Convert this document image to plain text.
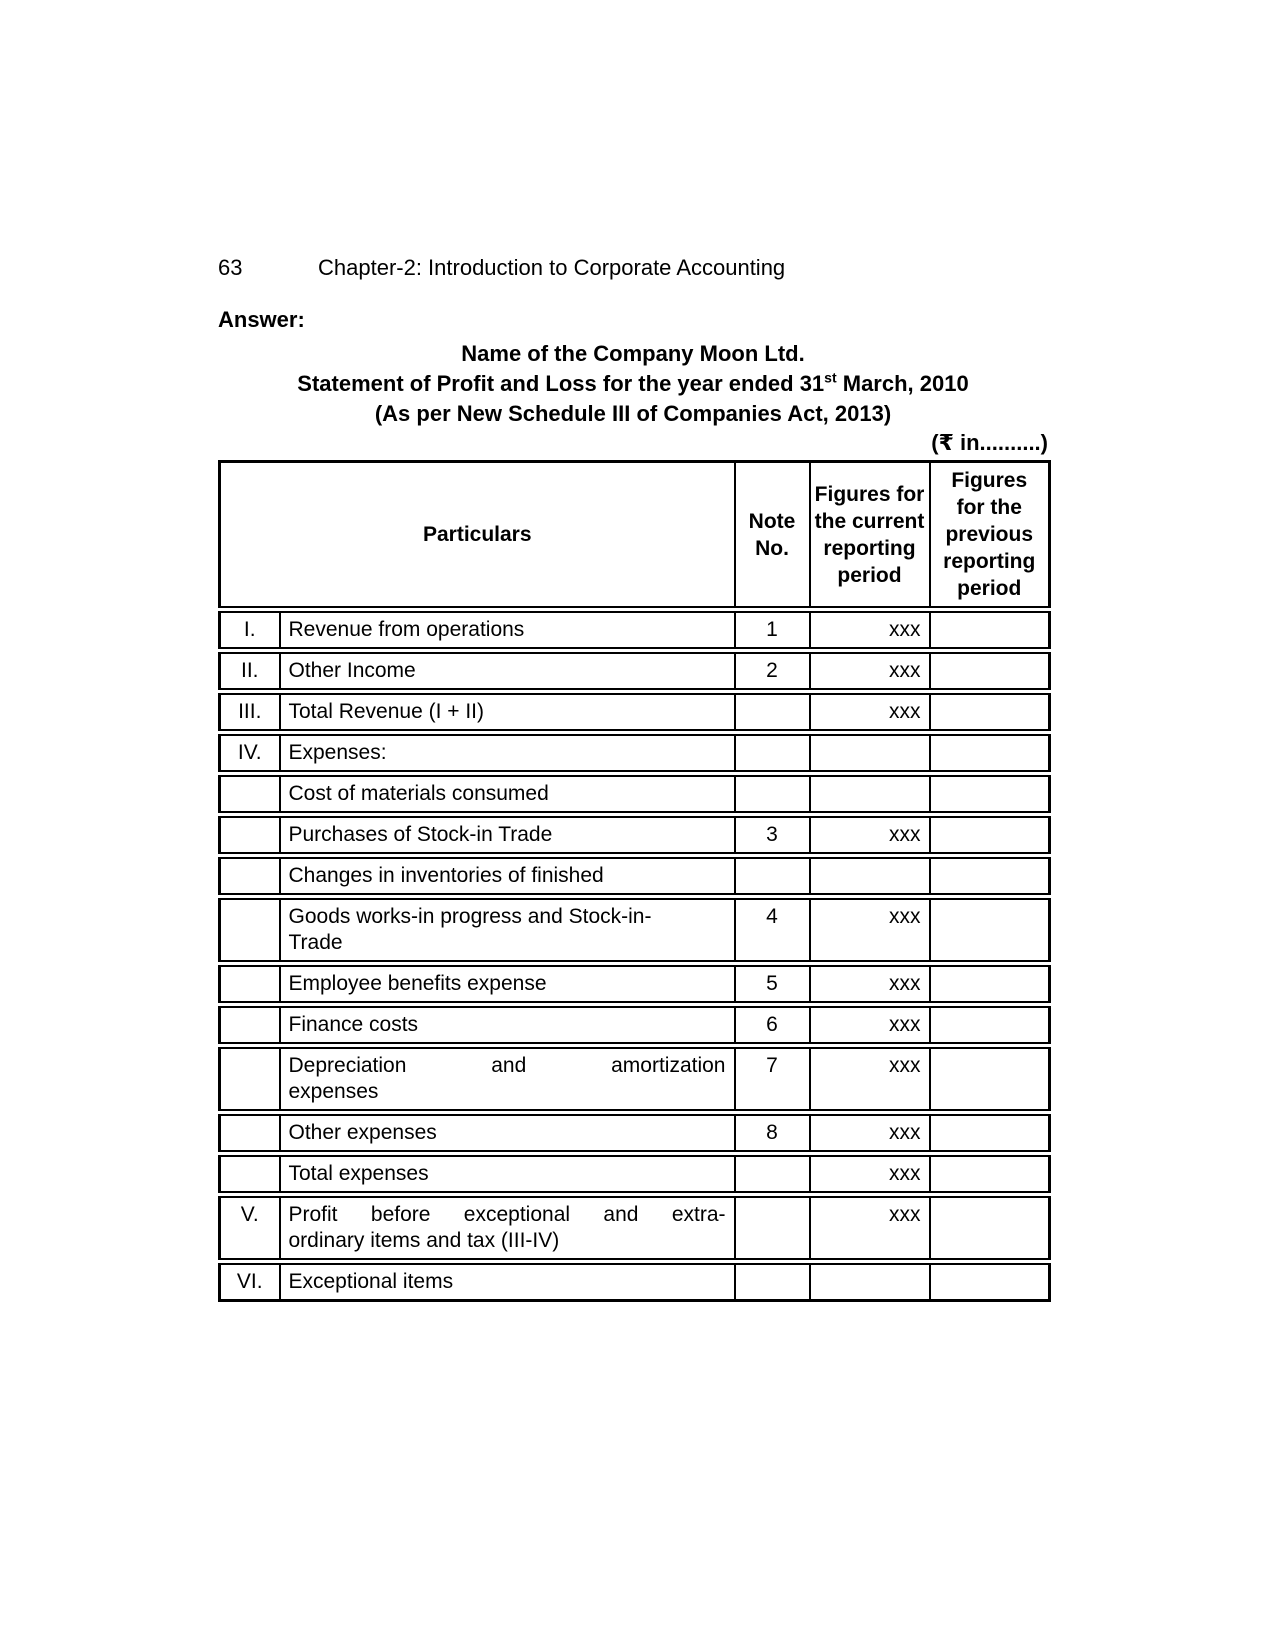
63	Chapter-2: Introduction to Corporate Accounting
Answer:
Name of the Company Moon Ltd.
Statement of Profit and Loss for the year ended 31st March, 2010
(As per New Schedule III of Companies Act, 2013)
(₹ in..........)
Particulars		Note No.	Figures for the current reporting period	Figures for the previous reporting period
I.	Revenue from operations	1	xxx	
II.	Other Income	2	xxx	
III.	Total Revenue (I + II)		xxx	
IV.	Expenses:			

	Cost of materials consumed			

	Purchases of Stock-in Trade	3	xxx	

	Changes in inventories of finished			

	Goods works-in progress and Stock-in-
Trade	4	xxx	

	Employee benefits expense	5	xxx	

	Finance costs	6	xxx	

	Depreciation and amortization
expenses	7	xxx	

	Other expenses	8	xxx	

	Total expenses		xxx	
V.	Profit before exceptional and extra-
ordinary items and tax (III-IV)		xxx	
VI.	Exceptional items			
